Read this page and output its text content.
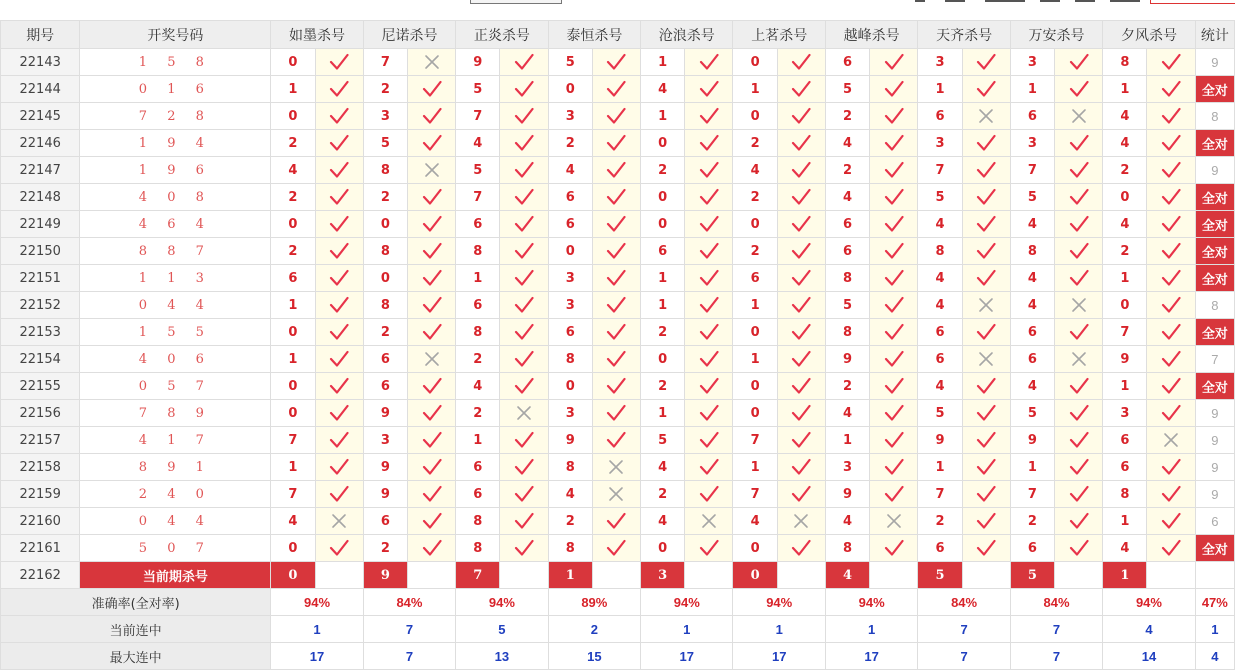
期号	开奖号码	如墨杀号		尼诺杀号		正炎杀号		泰恒杀号		沧浪杀号		上茗杀号		越峰杀号		天齐杀号		万安杀号		夕风杀号		统计
22143	1 5 8	0		7		9		5		1		0		6		3		3		8		9
22144	0 1 6	1		2		5		0		4		1		5		1		1		1		全对
22145	7 2 8	0		3		7		3		1		0		2		6		6		4		8
22146	1 9 4	2		5		4		2		0		2		4		3		3		4		全对
22147	1 9 6	4		8		5		4		2		4		2		7		7		2		9
22148	4 0 8	2		2		7		6		0		2		4		5		5		0		全对
22149	4 6 4	0		0		6		6		0		0		6		4		4		4		全对
22150	8 8 7	2		8		8		0		6		2		6		8		8		2		全对
22151	1 1 3	6		0		1		3		1		6		8		4		4		1		全对
22152	0 4 4	1		8		6		3		1		1		5		4		4		0		8
22153	1 5 5	0		2		8		6		2		0		8		6		6		7		全对
22154	4 0 6	1		6		2		8		0		1		9		6		6		9		7
22155	0 5 7	0		6		4		0		2		0		2		4		4		1		全对
22156	7 8 9	0		9		2		3		1		0		4		5		5		3		9
22157	4 1 7	7		3		1		9		5		7		1		9		9		6		9
22158	8 9 1	1		9		6		8		4		1		3		1		1		6		9
22159	2 4 0	7		9		6		4		2		7		9		7		7		8		9
22160	0 4 4	4		6		8		2		4		4		4		2		2		1		6
22161	5 0 7	0		2		8		8		0		0		8		6		6		4		全对
22162	当前期杀号	0		9		7		1		3		0		4		5		5		1		
准确率(全对率)		94%		84%		94%		89%		94%		94%		94%		84%		84%		94%		47%
当前连中		1		7		5		2		1		1		1		7		7		4		1
最大连中		17		7		13		15		17		17		17		7		7		14		4
